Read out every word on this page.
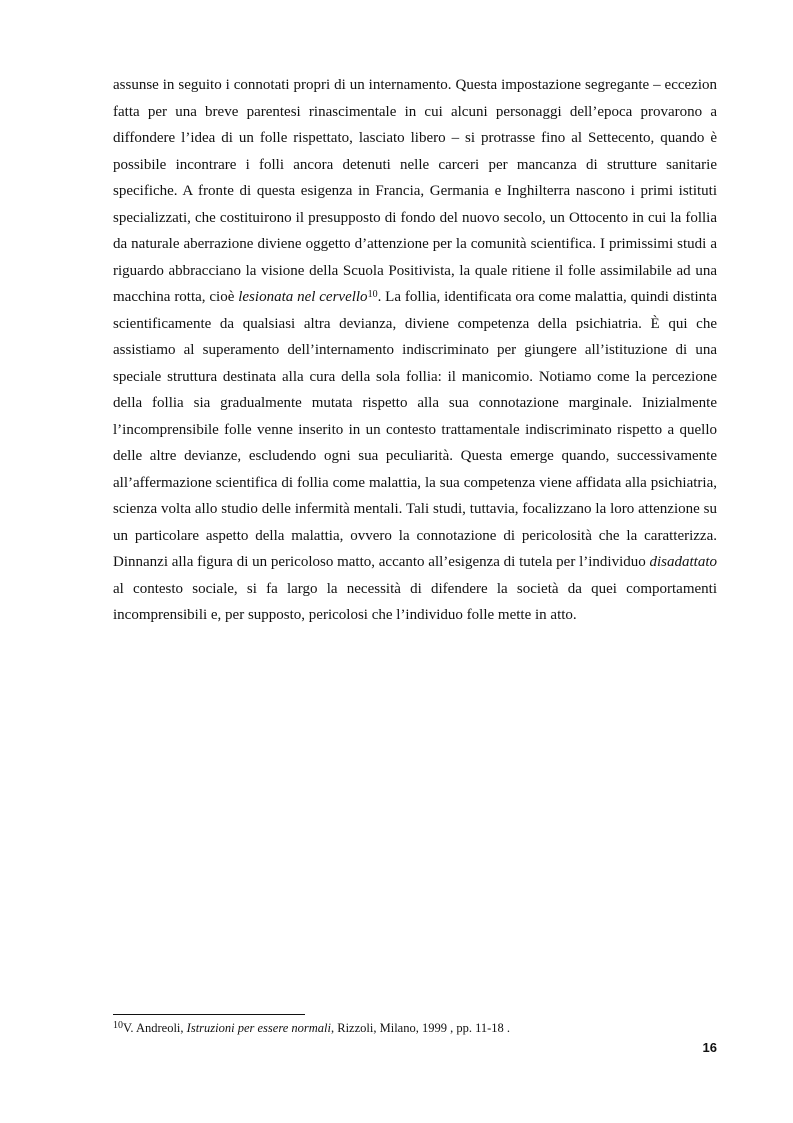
assunse in seguito i connotati propri di un internamento. Questa impostazione segregante – eccezion fatta per una breve parentesi rinascimentale in cui alcuni personaggi dell’epoca provarono a diffondere l’idea di un folle rispettato, lasciato libero – si protrasse fino al Settecento, quando è possibile incontrare i folli ancora detenuti nelle carceri per mancanza di strutture sanitarie specifiche. A fronte di questa esigenza in Francia, Germania e Inghilterra nascono i primi istituti specializzati, che costituirono il presupposto di fondo del nuovo secolo, un Ottocento in cui la follia da naturale aberrazione diviene oggetto d’attenzione per la comunità scientifica. I primissimi studi a riguardo abbracciano la visione della Scuola Positivista, la quale ritiene il folle assimilabile ad una macchina rotta, cioè lesionata nel cervello$^{10}$. La follia, identificata ora come malattia, quindi distinta scientificamente da qualsiasi altra devianza, diviene competenza della psichiatria. È qui che assistiamo al superamento dell’internamento indiscriminato per giungere all’istituzione di una speciale struttura destinata alla cura della sola follia: il manicomio. Notiamo come la percezione della follia sia gradualmente mutata rispetto alla sua connotazione marginale. Inizialmente l’incomprensibile folle venne inserito in un contesto trattamentale indiscriminato rispetto a quello delle altre devianze, escludendo ogni sua peculiarità. Questa emerge quando, successivamente all’affermazione scientifica di follia come malattia, la sua competenza viene affidata alla psichiatria, scienza volta allo studio delle infermità mentali. Tali studi, tuttavia, focalizzano la loro attenzione su un particolare aspetto della malattia, ovvero la connotazione di pericolosità che la caratterizza. Dinnanzi alla figura di un pericoloso matto, accanto all’esigenza di tutela per l’individuo disadattato al contesto sociale, si fa largo la necessità di difendere la società da quei comportamenti incomprensibili e, per supposto, pericolosi che l’individuo folle mette in atto.

$^{10}$V. Andreoli, Istruzioni per essere normali, Rizzoli, Milano, 1999 , pp. 11-18 .

16
